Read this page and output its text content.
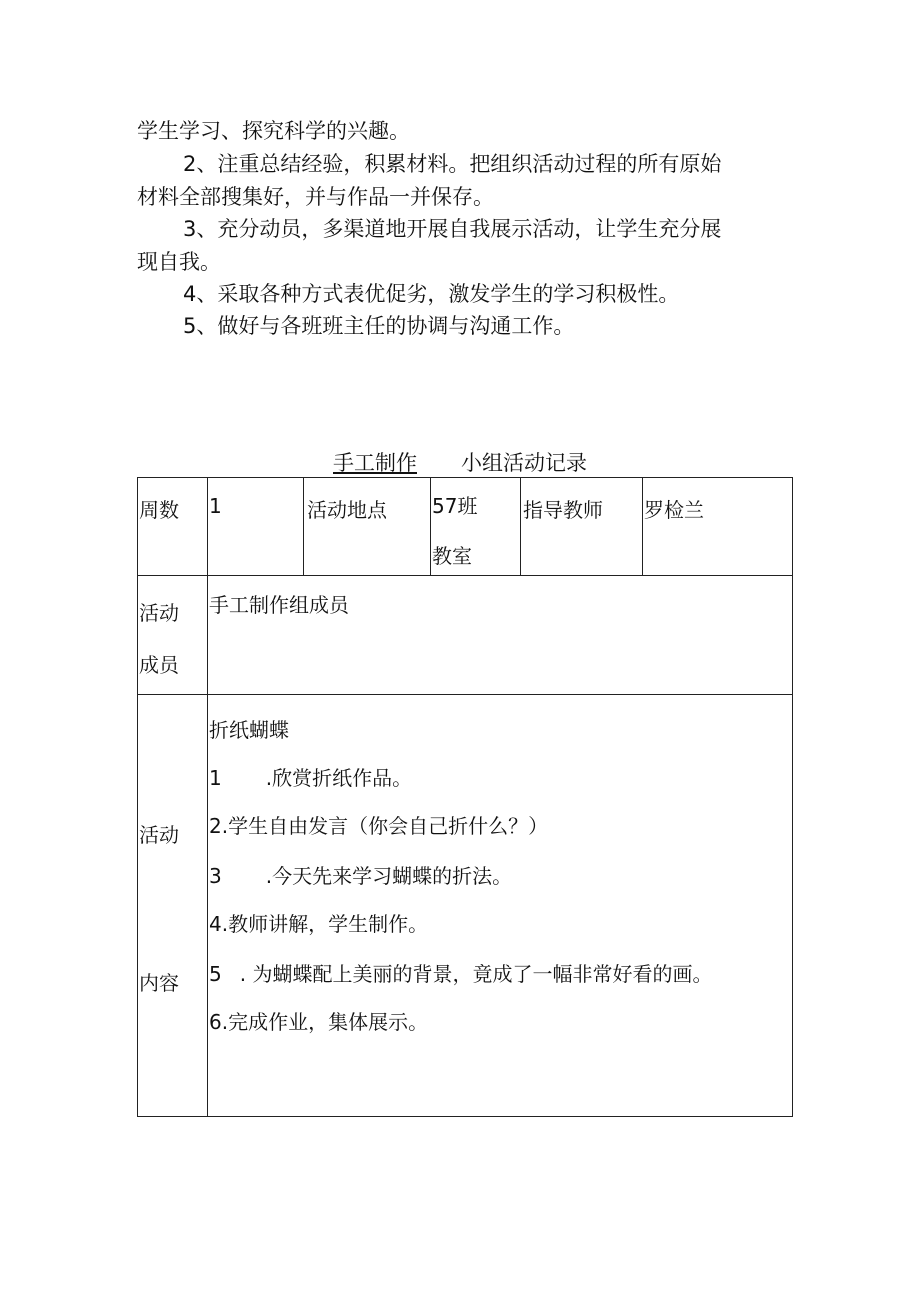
学生学习、探究科学的兴趣。
2、注重总结经验，积累材料。把组织活动过程的所有原始
材料全部搜集好，并与作品一并保存。
3、充分动员，多渠道地开展自我展示活动，让学生充分展
现自我。
4、采取各种方式表优促劣，激发学生的学习积极性。
5、做好与各班班主任的协调与沟通工作。
手工制作 小组活动记录
周数 1	活动地点 57班
教室
指导教师 罗检兰
活动
成员
手工制作组成员
活动
内容
折纸蝴蝶
1 .欣赏折纸作品。
2.学生自由发言（你会自己折什么？）
3 .今天先来学习蝴蝶的折法。
4.教师讲解，学生制作。
5 . 为蝴蝶配上美丽的背景，竟成了一幅非常好看的画。
6.完成作业，集体展示。
